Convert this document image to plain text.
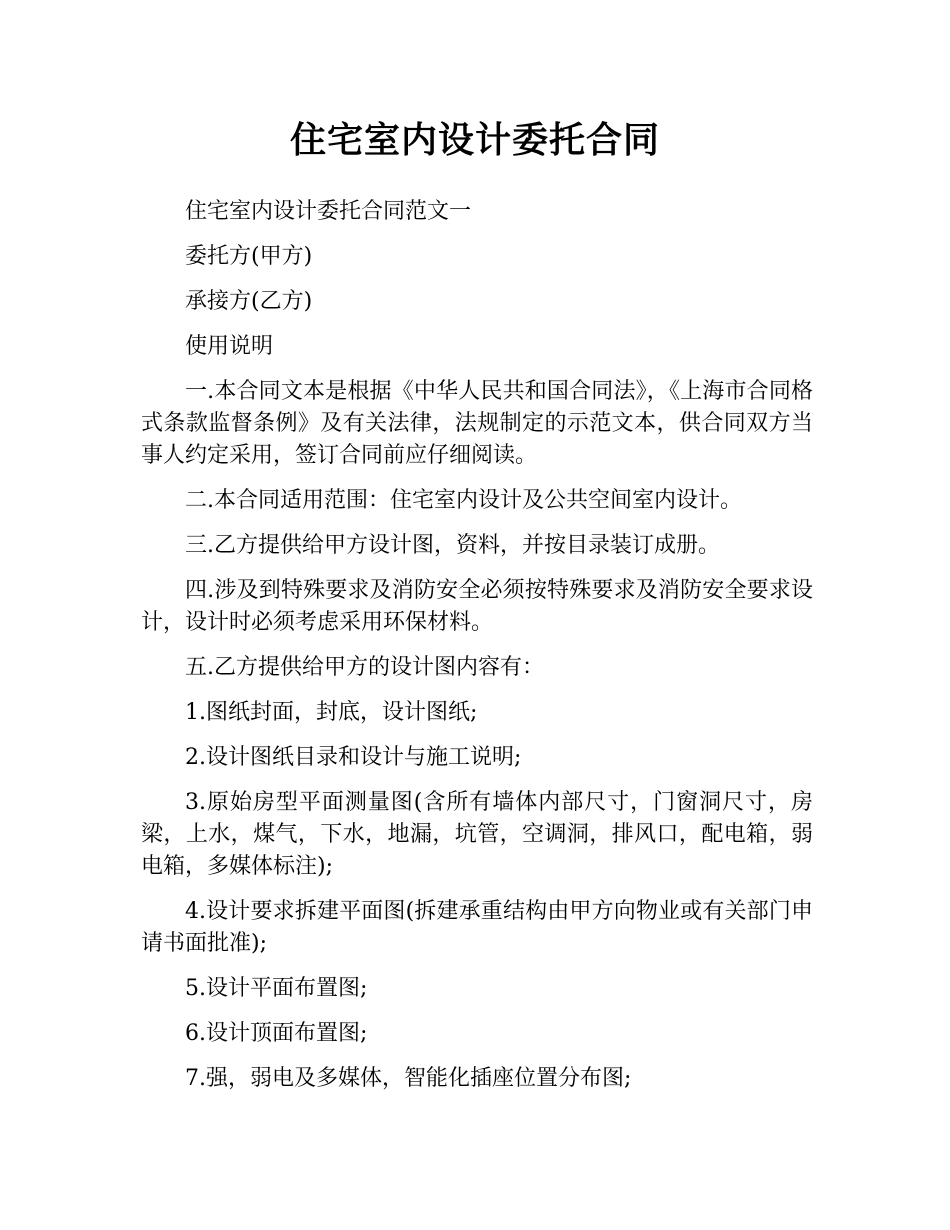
住宅室内设计委托合同

住宅室内设计委托合同范文一

委托方(甲方)

承接方(乙方)

使用说明

一.本合同文本是根据《中华人民共和国合同法》，《上海市合同格式条款监督条例》及有关法律，法规制定的示范文本，供合同双方当事人约定采用，签订合同前应仔细阅读。

二.本合同适用范围：住宅室内设计及公共空间室内设计。

三.乙方提供给甲方设计图，资料，并按目录装订成册。

四.涉及到特殊要求及消防安全必须按特殊要求及消防安全要求设计，设计时必须考虑采用环保材料。

五.乙方提供给甲方的设计图内容有：

1.图纸封面，封底，设计图纸;

2.设计图纸目录和设计与施工说明;

3.原始房型平面测量图(含所有墙体内部尺寸，门窗洞尺寸，房梁，上水，煤气，下水，地漏，坑管，空调洞，排风口，配电箱，弱电箱，多媒体标注);

4.设计要求拆建平面图(拆建承重结构由甲方向物业或有关部门申请书面批准);

5.设计平面布置图;

6.设计顶面布置图;

7.强，弱电及多媒体，智能化插座位置分布图;
